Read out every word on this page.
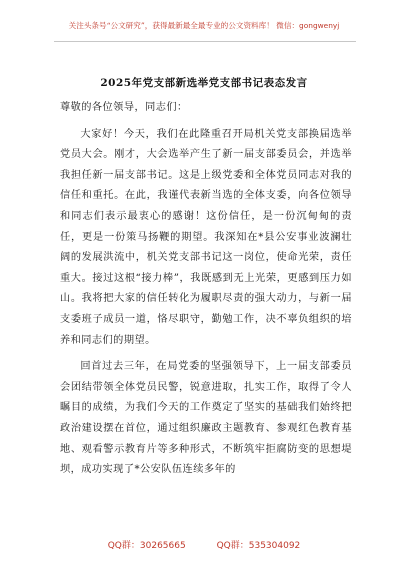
关注头条号“公文研究”，获得最新最全最专业的公文资料库！ 微信：gongwenyj
2025年党支部新选举党支部书记表态发言

尊敬的各位领导，同志们：

大家好！今天，我们在此隆重召开局机关党支部换届选举党员大会。刚才，大会选举产生了新一届支部委员会，并选举我担任新一届支部书记。这是上级党委和全体党员同志对我的信任和重托。在此，我谨代表新当选的全体支委，向各位领导和同志们表示最衷心的感谢！这份信任，是一份沉甸甸的责任，更是一份策马扬鞭的期望。我深知在*县公安事业波澜壮阔的发展洪流中，机关党支部书记这一岗位，使命光荣，责任重大。接过这根“接力棒”，我既感到无上光荣，更感到压力如山。我将把大家的信任转化为履职尽责的强大动力，与新一届支委班子成员一道，恪尽职守，勤勉工作，决不辜负组织的培养和同志们的期望。

回首过去三年，在局党委的坚强领导下，上一届支部委员会团结带领全体党员民警，锐意进取，扎实工作，取得了令人瞩目的成绩，为我们今天的工作奠定了坚实的基础我们始终把政治建设摆在首位，通过组织廉政主题教育、参观红色教育基地、观看警示教育片等多种形式，不断筑牢拒腐防变的思想堤坝，成功实现了*公安队伍连续多年的

QQ群：30265665	QQ群：535304092
